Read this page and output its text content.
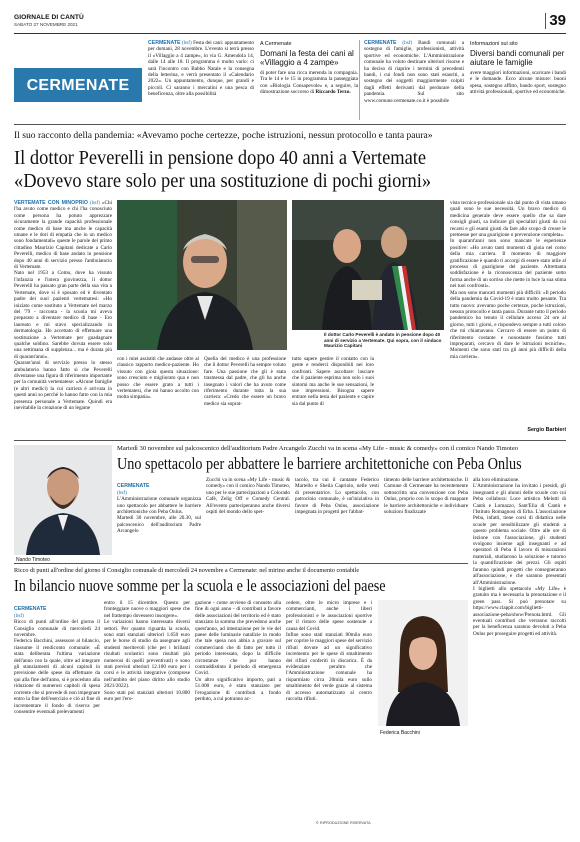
GIORNALE DI CANTÙ
SABATO 27 NOVEMBRE 2021	39
CERMENATE
CERMENATE (bsf) Festa dei cani: appuntamento per domani, 28 novembre. L'evento si terrà presso il «Villaggio a 4 zampe», in via G. Amendola 14, dalle 14 alle 18. Il programma è molto vario: ci sarà l'incontro con Babbo Natale e la consegna della letterina, e verrà presentato il «Calendario 2022». Un appuntamento, dunque, per grandi e piccoli. Ci saranno i mercatini e una pesca di beneficenza, oltre alla possibilità
A Cermenate
Domani la festa dei cani al «Villaggio a 4 zampe»
di poter fare una ricca merenda in compagnia. Tra le 14 e le 15 in programma la passeggiata con «Biologia Consapevole» e, a seguire, la dimostrazione soccorso di Riccardo Terzo.
CERMENATE (bsf) Bandi comunali a sostegno di famiglie, professionisti, attività sportive ed economiche. L'Amministrazione comunale ha voluto destinare ulteriori risorse e ha deciso di riaprire i termini di precedenti bandi, i cui fondi non sono stati esauriti, a sostegno dei soggetti maggiormente colpiti dagli effetti derivanti dal perdurare della pandemia. Sul sito www.comune.cermenate.co.it è possibile
Informazioni sul sito
Diversi bandi comunali per aiutare le famiglie
avere maggiori informazioni, scaricare i bandi e le domande. Ecco alcune misure: buoni spesa, sostegno affitto, bando sport, sostegno attività professionali, sportive ed economiche.
Il suo racconto della pandemia: «Avevamo poche certezze, poche istruzioni, nessun protocollo e tanta paura»
Il dottor Peverelli in pensione dopo 40 anni a Vertemate
«Dovevo stare solo per una sostituzione di pochi giorni»
VERTEMATE CON MINOPRIO (bsf) «Chi l'ha avuto come medico e chi l'ha conosciuto come persona ha potuto apprezzare sicuramente la grande capacità professionale come medico di base ma anche le capacità umane e le doti di empatia che in un medico sono fondamentali» queste le parole del primo cittadino Maurizio Capitani dedicate a Carlo Peverelli, medico di base andato in pensione dopo 40 anni di servizio presso l'ambulatorio di Vertemate.
Nato nel 1953 a Como, dove ha vissuto l'infanzia e l'intera giovinezza, il dottor Peverelli ha passato gran parte della sua vita a Vertemate, dove si è sposato ed è diventato padre dei suoi pazienti vertematesi: «Ho iniziato come sostituto a Vertemate nel marzo del '79 - racconta - la scuola mi aveva preparato a diventare medico di base - Ero laureato e mi stavo specializzando in dermatologia. Ho accettato di effettuare una sostituzione a Vertemate per guadagnare qualche soldino. Sarebbe dovuta essere solo una settimana di supplenza... ma è durata più di quarant'anni».
Quarant'anni di servizio presso lo stesso ambulatorio hanno fatto sì che Peverelli diventasse una figura di riferimento importante per la comunità vertematese: «Alcune famiglie (e altri medici) la cui carriera è arrivata in questi anni so perché lo hanno fatto con la mia presenza personale a Vertemate. Quindi era inevitabile la creazione di un legame
Il dottor Carlo Peverelli è andato in pensione dopo 40 anni di servizio a Vertemate. Qui sopra, con il sindaco Maurizio Capitani
con i miei assistiti che andasse oltre al classico rapporto medico-paziente. Ho vissuto con gioia questa situazione: sono cresciuto e migliorato qua e non posso che essere grato a tutti i vertematesi, che mi hanno accolto con molta simpatia».
Quella del medico è una professione che il dottor Peverelli ha sempre voluto fare. Una passione che gli è stata trasmessa dal padre, che gli ha anche insegnato i valori che ha avuto come riferimento durante tutta la sua carriera: «Credo che essere un bravo medico sia soprat-
tutto sapere gestire il contatto con la gente e renderci disponibili nei loro confronti. Sapere ascoltare: lasciare che il paziente esprima non solo i suoi sintomi ma anche le sue sensazioni, le sue impressioni. Bisogna sapere entrare nella testa del paziente e capire sia dal punto di
vista tecnico-professionale sia dal punto di vista umano quali sono le sue necessità. Un bravo medico di medicina generale deve essere quello che sa dare consigli giusti, sa indicare gli specialisti giusti da cui recarsi e gli esami giusti da fare allo scopo di creare le premesse per una guarigione o prevenzione completa».
In quarant'anni non sono mancate le esperienze positive: «Ho avuto tanti momenti di gioia nel corso della mia carriera. Il momento di maggiore gratificazione è quando ti accorgi di essere stato utile al processo di guarigione del paziente. Altrettanta soddisfazione è la riconoscenza del paziente sotto forma anche di un sorriso che mette in luce la sua stima nei tuoi confronti».
Ma non sono mancati momenti più difficili: «Il periodo della pandemia da Covid-19 è stato molto pesante. Tra tutto nuovo: avevamo poche certezze, poche istruzioni, nessun protocollo e tanta paura. Durante tutto il periodo pandemico ho tenuto il cellulare acceso 24 ore al giorno, tutti i giorni, e rispondevo sempre a tutti coloro che mi chiamavano. Cercavo di essere un punto di riferimento costante e nonostante fossimo tutti impreparati, cercavo di dare le istruzioni tecniche». Momenti che sono stati tra gli anni più difficili della mia carriera».
Sergio Barbieri
Martedì 30 novembre sul palcoscenico dell'auditorium Padre Arcangelo Zucchi va in scena «My Life - music & comedy» con il comico Nando Timoteo
Uno spettacolo per abbattere le barriere architettoniche con Peba Onlus
Nando Timoteo

CERMENATE
(bsf)
L'Amministrazione comunale organizza uno spettacolo per abbattere le barriere architettoniche con Peba Onlus.
Martedì 30 novembre, alle 20.30, sul palcoscenico dell'auditorium Padre Arcangelo

Zucchi va in scena «My Life - music & comedy» con il comico Nando Timoteo, uno per le sue partecipazioni a Colorado Cafè, Zelig Off e Comedy Central. All'evento parteciperanno anche diversi ospiti del mondo dello spet-
tacolo, tra cui il cantante Federico Martello e Sheila Capriolo, nelle vesti di presentatrice. Lo spettacolo, con patrocinio comunale, è un'iniziativa in favore di Peba Onlus, associazione impegnata in progetti per l'abbat-
timento delle barriere architettoniche. Il Comune di Cermenate ha recentemente sottoscritto una convenzione con Peba Onlus, proprio con lo scopo di mappare le barriere architettoniche e individuare soluzioni finalizzate
alla loro eliminazione.
L'Amministrazione ha invitato i presidi, gli insegnanti e gli alunni delle scuole con cui Peba collabora: Luce artistico Melotti di Cantù e Lomazzo, Sant'Elia di Cantù e l'Istituto Romagnosi di Erba. L'associazione Peba, infatti, tiene corsi di didattica nelle scuole per sensibilizzare gli studenti a questo problema sociale. Oltre alle ore di lezione con l'associazione, gli studenti svolgono insieme agli insegnanti e ad operatori di Peba il lavoro di misurazioni materiali, studiarono la soluzione e tutorno la quantificazione dei prezzi. Gli ospiti faranno quindi progetti che consegneranno all'associazione, e che saranno presentati all'Amministrazione.
I biglietti allo spettacolo «My Life» è gratuito ma è necessaria la prenotazione e il green pass. Si può prenotare su https://www.clappit.com/biglietti-associazione-peba/show/Prenota.html. Gli eventuali contributi che verranno raccolti per la beneficenza saranno devoluti a Peba Onlus per proseguire progetti ed attività.
Ricco di punti all'ordine del giorno il Consiglio comunale di mercoledì 24 novembre a Cermenate: nel mirino anche il documento contabile
In bilancio nuove somme per la scuola e le associazioni del paese

CERMENATE
(bsf)
Ricco di punti all'ordine del giorno il Consiglio comunale di mercoledì 24 novembre.
Federica Bacchini, assessore al bilancio, riassume il rendiconto comunale: «È stata deliberata l'ultima variazione dell'anno con la quale, oltre ad integrare gli stanziamenti di alcuni capitoli in previsione delle spese da effettuare da qui alla fine dell'anno, si è proceduto alla riduzione di numerosi capitoli di spesa corrente che si prevede di non impegnare entro la fine dell'esercizio e ciò al fine di incrementare il fondo di riserva per consentire eventuali prelevamenti

entro il 15 dicembre. Questo per fronteggiare nuove o maggiori spese che nel frattempo dovessero insorgere».
Le variazioni hanno interessato diversi settori. Per quanto riguarda la scuola, sono stati stanziati ulteriori 1.650 euro per le borse di studio da assegnare agli studenti meritevoli (che per i brillanti risultati scolastici sono risultati più numerosi di quelli preventivati) e sono stati previsti ulteriori 12.100 euro per i corsi e le attività integrative (comprese nell'ambito del piano diritto allo studio 2021/2022).
Sono stati poi stanziati ulteriori 10.800 euro per l'ero-
gazione - come avviene di consueto alla fine di ogni anno - di contributi a favore delle associazioni del territorio ed è stato stanziato la somma che prevedono anche quest'anno, ad intestazione per le vie del paese delle luminarie natalizie in modo che tale spesa non abbia a gravare sul commercianti che di fatto per tutto il periodo interessato, dopo la difficile circostanze che pur hanno contraddistinto il periodo di emergenza Covid.
Un altro significativo importo, pari a 51.000 euro, è stato stanziato per l'erogazione di contributi a fondo perduto, a cui potranno ac-
cedere, oltre le micro imprese e i commercianti, anche i liberi professionisti e le associazioni sportive per il ristoro delle spese sostenute a causa del Covid.
Infine sono stati stanziati 80mila euro per coprire le maggiori spese del servizio rifiuti dovute ad un significativo incremento per le spese di smaltimento dei rifiuti conferiti in discarica. È da evidenziare peraltro che l'Amministrazione comunale ha risparmiato circa 20mila euro sullo smaltimento del verde grazie al sistema di accesso automatizzato al centro raccolta rifiuti.
© RIPRODUZIONE RISERVATA
Federica Bacchini
